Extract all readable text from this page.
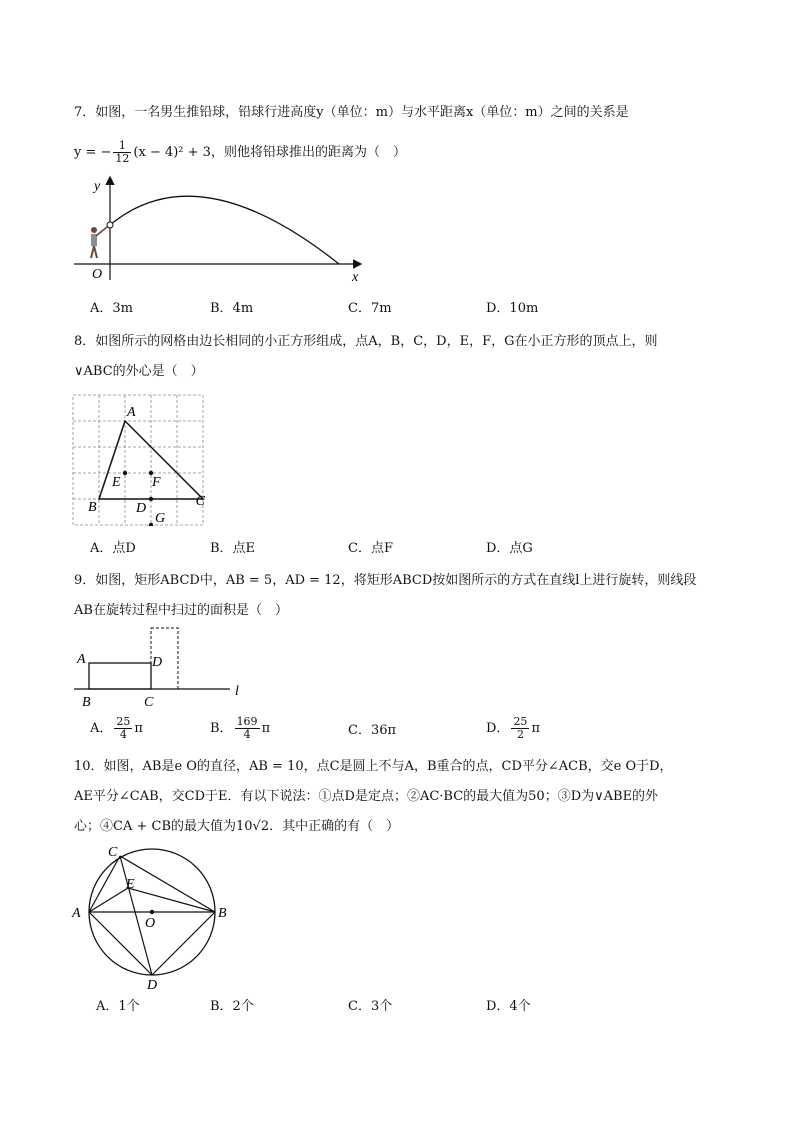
7．如图，一名男生推铅球，铅球行进高度y（单位：m）与水平距离x（单位：m）之间的关系是
y = − $\frac{1}{12} (x - 4)^2 + 3$，则他将铅球推出的距离为（　）
y
x
O
A．3m	B．4m	C．7m	D．10m
8．如图所示的网格由边长相同的小正方形组成，点A，B，C，D，E，F，G在小正方形的顶点上，则
∨ABC的外心是（　）
A
B	C
E F
D
G
A．点D	B．点E	C．点F	D．点G
9．如图，矩形ABCD中，AB = 5，AD = 12，将矩形ABCD按如图所示的方式在直线l上进行旋转，则线段
AB在旋转过程中扫过的面积是（　）
A
B	C
D
l
A． $\frac{25}{4}$ π	B． $\frac{169}{4}$ π	C．36π	D． $\frac{25}{2}$ π
10．如图，AB是e O的直径，AB = 10，点C是圆上不与A，B重合的点，CD平分∠ACB，交e O于D，
AE平分∠CAB，交CD于E．有以下说法：①点D是定点；②AC·BC的最大值为50；③D为∨ABE的外
心；④CA + CB的最大值为10√2．其中正确的有（　）
C
E
A	B
O
D
A．1个	B．2个	C．3个	D．4个
